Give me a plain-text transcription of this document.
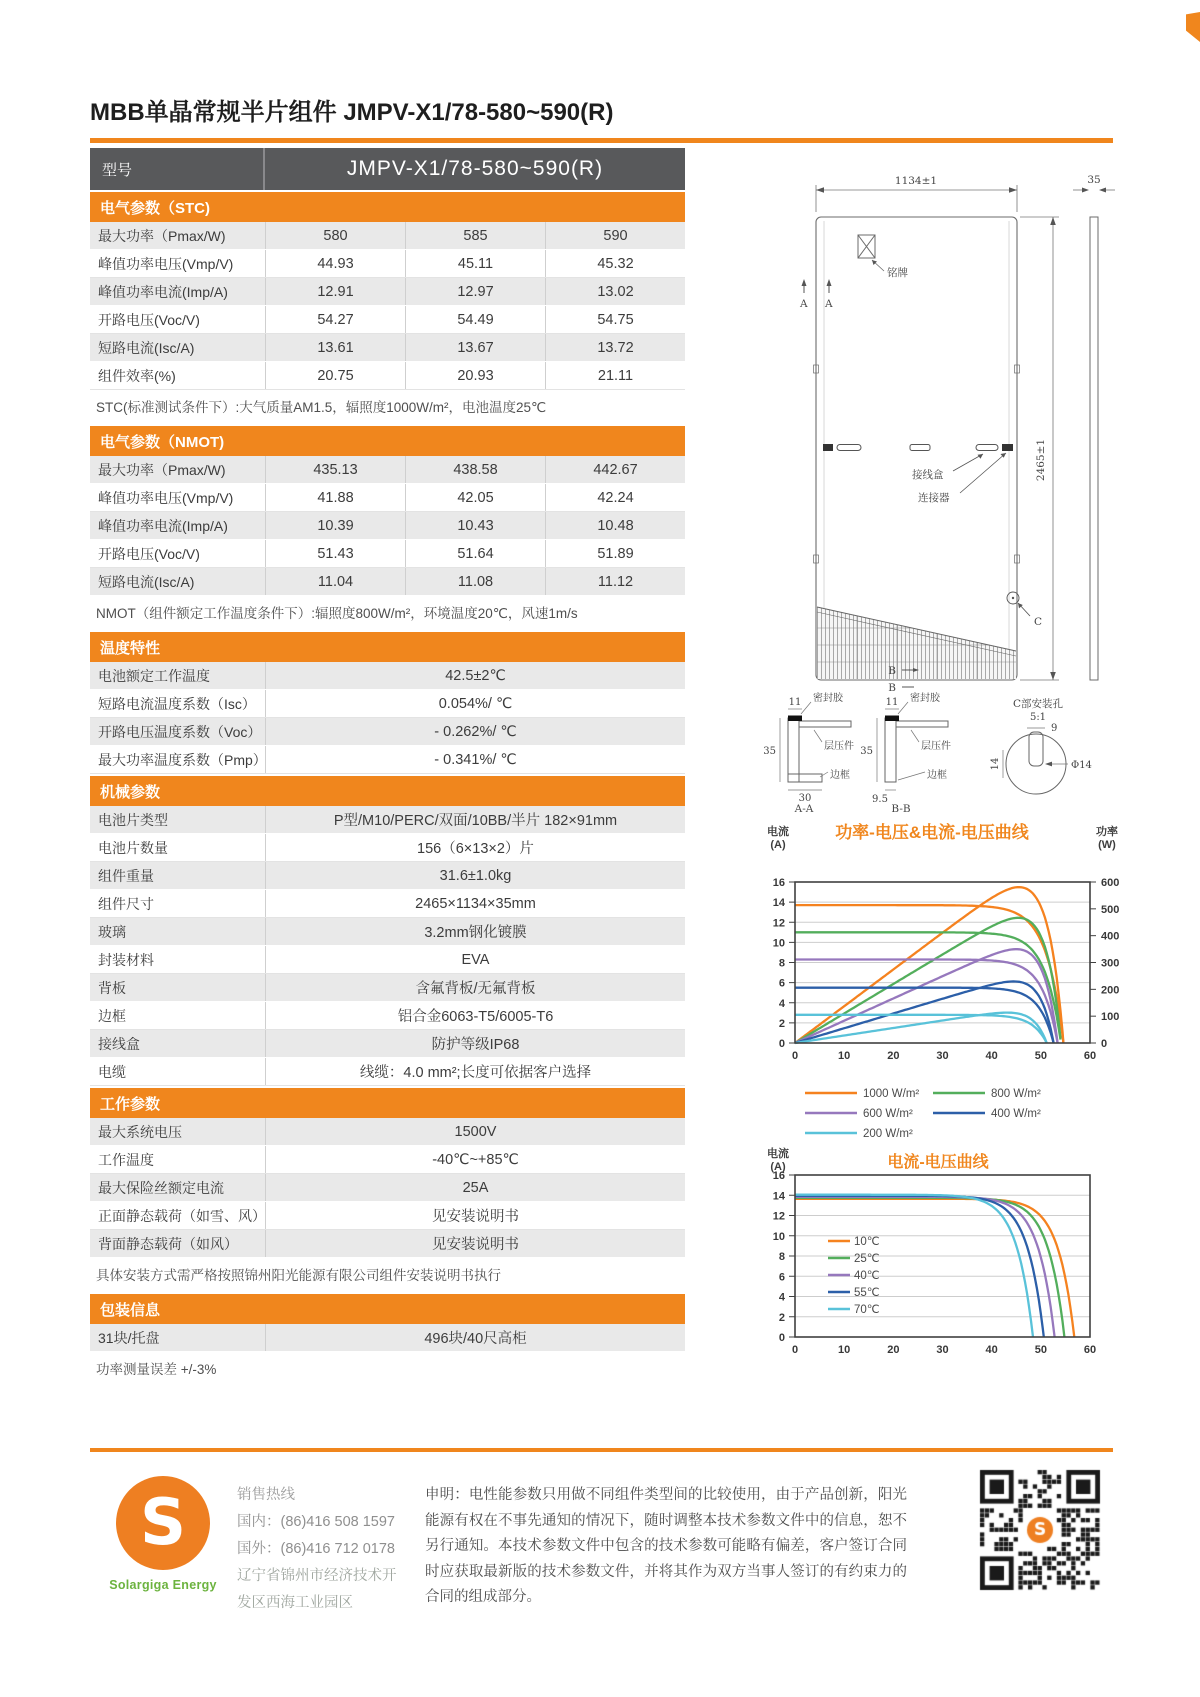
MBB单晶常规半片组件 JMPV-X1/78-580~590(R)
型号	JMPV-X1/78-580~590(R)
电气参数（STC)
最大功率（Pmax/W)	580	585	590
峰值功率电压(Vmp/V)	44.93	45.11	45.32
峰值功率电流(Imp/A)	12.91	12.97	13.02
开路电压(Voc/V)	54.27	54.49	54.75
短路电流(Isc/A)	13.61	13.67	13.72
组件效率(%)	20.75	20.93	21.11
STC(标准测试条件下）:大气质量AM1.5，辐照度1000W/m²，电池温度25℃
电气参数（NMOT)
最大功率（Pmax/W)	435.13	438.58	442.67
峰值功率电压(Vmp/V)	41.88	42.05	42.24
峰值功率电流(Imp/A)	10.39	10.43	10.48
开路电压(Voc/V)	51.43	51.64	51.89
短路电流(Isc/A)	11.04	11.08	11.12
NMOT（组件额定工作温度条件下）:辐照度800W/m²，环境温度20℃，风速1m/s
温度特性
电池额定工作温度	42.5±2℃
短路电流温度系数（Isc）	0.054%/ ℃
开路电压温度系数（Voc）	- 0.262%/ ℃
最大功率温度系数（Pmp）	- 0.341%/ ℃
机械参数
电池片类型	P型/M10/PERC/双面/10BB/半片 182×91mm
电池片数量	156（6×13×2）片
组件重量	31.6±1.0kg
组件尺寸	2465×1134×35mm
玻璃	3.2mm钢化镀膜
封装材料	EVA
背板	含氟背板/无氟背板
边框	铝合金6063-T5/6005-T6
接线盒	防护等级IP68
电缆	线缆：4.0 mm²;长度可依据客户选择
工作参数
最大系统电压	1500V
工作温度	-40℃~+85℃
最大保险丝额定电流	25A
正面静态载荷（如雪、风）	见安装说明书
背面静态载荷（如风）	见安装说明书
具体安装方式需严格按照锦州阳光能源有限公司组件安装说明书执行
包装信息
31块/托盘	496块/40尺高柜
功率测量误差 +/-3%
铭牌
A A
接线盒
连接器
1134±1
2465±1
35
C
B
B
11
35
30
密封胶
层压件
边框
A-A
11
35
9.5
密封胶
层压件
边框
B-B
C部安装孔
5:1
9
14	Φ14
电流
(A)
功率-电压&电流-电压曲线	功率
(W)
0
2
4
6
8
10
12
14
16
0
100
200
300
400
500
600
0	10	20	30	40	50	60
1000 W/m²	800 W/m²
600 W/m²	400 W/m²
200 W/m²
电流
(A)	电流-电压曲线
0
2
4
6
8
10
12
14
16
0	10	20	30	40	50	60
10℃
25℃
40℃
55℃
70℃
S
Solargiga Energy
销售热线
国内：(86)416 508 1597
国外：(86)416 712 0178
辽宁省锦州市经济技术开
发区西海工业园区
申明：电性能参数只用做不同组件类型间的比较使用，由于产品创新，阳光能源有权在不事先通知的情况下，随时调整本技术参数文件中的信息，恕不另行通知。本技术参数文件中包含的技术参数可能略有偏差，客户签订合同时应获取最新版的技术参数文件，并将其作为双方当事人签订的有约束力的合同的组成部分。
